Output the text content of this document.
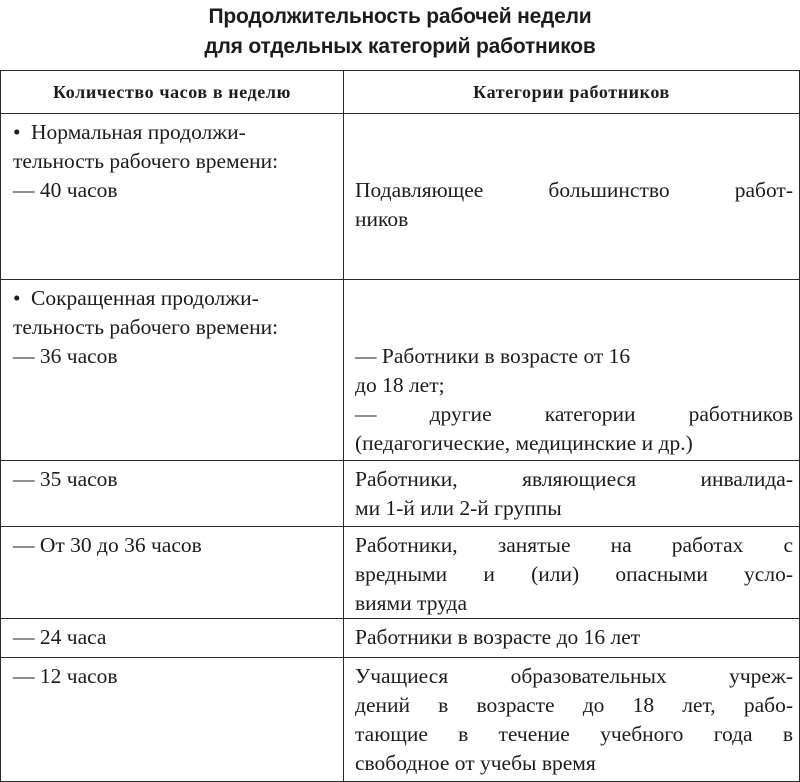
Продолжительность рабочей недели
для отдельных категорий работников
Количество часов в неделю	Категории работников

• Нормальная продолжи-
тельность рабочего времени:
— 40 часов	Подавляющее большинство работ-
ников

• Сокращенная продолжи-
тельность рабочего времени:
— 36 часов	— Работники в возрасте от 16
до 18 лет;
— другие категории работников
(педагогические, медицинские и др.)

— 35 часов	Работники, являющиеся инвалида-
ми 1-й или 2-й группы

— От 30 до 36 часов	Работники, занятые на работах с
вредными и (или) опасными усло-
виями труда

— 24 часа	Работники в возрасте до 16 лет

— 12 часов	Учащиеся образовательных учреж-
дений в возрасте до 18 лет, рабо-
тающие в течение учебного года в
свободное от учебы время
